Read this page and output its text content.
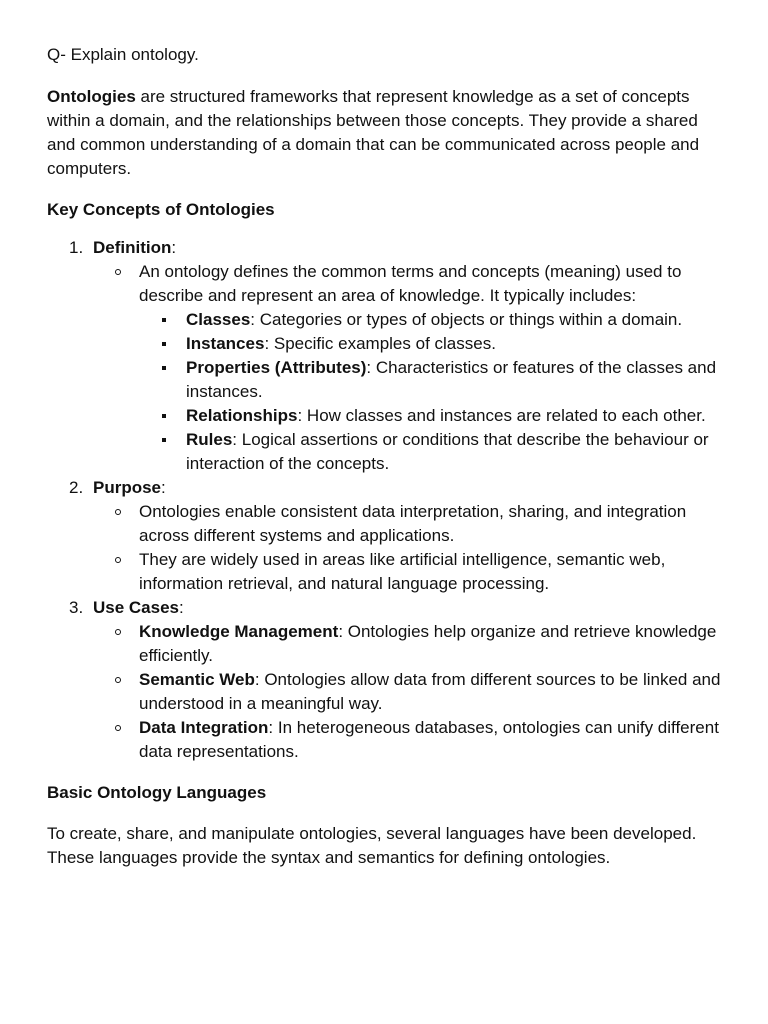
Q- Explain ontology.

Ontologies are structured frameworks that represent knowledge as a set of concepts within a domain, and the relationships between those concepts. They provide a shared and common understanding of a domain that can be communicated across people and computers.

Key Concepts of Ontologies

1. Definition:
An ontology defines the common terms and concepts (meaning) used to describe and represent an area of knowledge. It typically includes:
Classes: Categories or types of objects or things within a domain.
Instances: Specific examples of classes.
Properties (Attributes): Characteristics or features of the classes and instances.
Relationships: How classes and instances are related to each other.
Rules: Logical assertions or conditions that describe the behaviour or interaction of the concepts.
2. Purpose:
Ontologies enable consistent data interpretation, sharing, and integration across different systems and applications.
They are widely used in areas like artificial intelligence, semantic web, information retrieval, and natural language processing.
3. Use Cases:
Knowledge Management: Ontologies help organize and retrieve knowledge efficiently.
Semantic Web: Ontologies allow data from different sources to be linked and understood in a meaningful way.
Data Integration: In heterogeneous databases, ontologies can unify different data representations.

Basic Ontology Languages

To create, share, and manipulate ontologies, several languages have been developed. These languages provide the syntax and semantics for defining ontologies.
